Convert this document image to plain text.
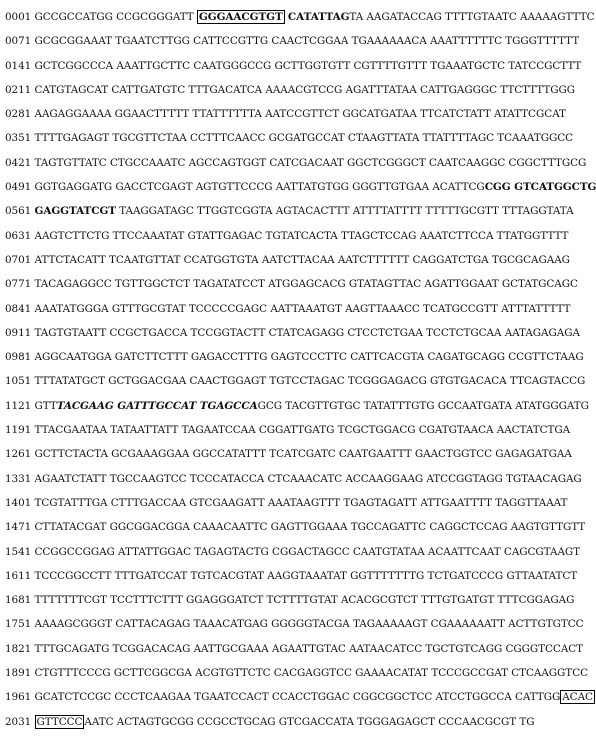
0001 GCCGCCATGG CCGCGGGATT GGGAACGTGT CATATTAGTA AAGATACCAG TTTTGTAATC AAAAAGTTTC
0071 GCGCGGAAAT TGAATCTTGG CATTCCGTTG CAACTCGGAA TGAAAAAACA AAATTTTTTC TGGGTTTTTT
0141 GCTCGGCCCA AAATTGCTTC CAATGGGCCG GCTTGGTGTT CGTTTTGTTT TGAAATGCTC TATCCGCTTT
0211 CATGTAGCAT CATTGATGTC TTTGACATCA AAAACGTCCG AGATTTATAA CATTGAGGGC TTCTTTTGGG
0281 AAGAGGAAAA GGAACTTTTT TTATTTTTTA AATCCGTTCT GGCATGATAA TTCATCTATT ATATTCGCAT
0351 TTTTGAGAGT TGCGTTCTAA CCTTTCAACC GCGATGCCAT CTAAGTTATA TTATTTTAGC TCAAATGGCC
0421 TAGTGTTATC CTGCCAAATC AGCCAGTGGT CATCGACAAT GGCTCGGGCT CAATCAAGGC CGGCTTTGCG
0491 GGTGAGGATG GACCTCGAGT AGTGTTCCCG AATTATGTGG GGGTTGTGAA ACATTCGCGG GTCATGGCTG
0561 GAGGTATCGT TAAGGATAGC TTGGTCGGTA AGTACACTTT ATTTTATTTT TTTTTGCGTT TTTAGGTATA
0631 AAGTCTTCTG TTCCAAATAT GTATTGAGAC TGTATCACTA TTAGCTCCAG AAATCTTCCA TTATGGTTTT
0701 ATTCTACATT TCAATGTTAT CCATGGTGTA AATCTTACAA AATCTTTTTT CAGGATCTGA TGCGCAGAAG
0771 TACAGAGGCC TGTTGGCTCT TAGATATCCT ATGGAGCACG GTATAGTTAC AGATTGGAAT GCTATGCAGC
0841 AAATATGGGA GTTTGCGTAT TCCCCCGAGC AATTAAATGT AAGTTAAACC TCATGCCGTT ATTTATTTTT
0911 TAGTGTAATT CCGCTGACCA TCCGGTACTT CTATCAGAGG CTCCTCTGAA TCCTCTGCAA AATAGAGAGA
0981 AGGCAATGGA GATCTTCTTT GAGACCTTTG GAGTCCCTTC CATTCACGTA CAGATGCAGG CCGTTCTAAG
1051 TTTATATGCT GCTGGACGAA CAACTGGAGT TGTCCTAGAC TCGGGAGACG GTGTGACACA TTCAGTACCG
1121 GTTTACGAAG GATTTGCCAT TGAGCCAGCG TACGTTGTGC TATATTTGTG GCCAATGATA ATATGGGATG
1191 TTACGAATAA TATAATTATT TAGAATCCAA CGGATTGATG TCGCTGGACG CGATGTAACA AACTATCTGA
1261 GCTTCTACTA GCGAAAGGAA GGCCATATTT TCATCGATC CAATGAATTT GAACTGGTCC GAGAGATGAA
1331 AGAATCTATT TGCCAAGTCC TCCCATACCA CTCAAACATC ACCAAGGAAG ATCCGGTAGG TGTAACAGAG
1401 TCGTATTTGA CTTTGACCAA GTCGAAGATT AAATAAGTTT TGAGTAGATT ATTGAATTTT TAGGTTAAAT
1471 CTTATACGAT GGCGGACGGA CAAACAATTC GAGTTGGAAA TGCCAGATTC CAGGCTCCAG AAGTGTTGTT
1541 CCGGCCGGAG ATTATTGGAC TAGAGTACTG CGGACTAGCC CAATGTATAA ACAATTCAAT CAGCGTAAGT
1611 TCCCGGCCTT TTTGATCCAT TGTCACGTAT AAGGTAAATAT GGTTTTTTTG TCTGATCCCG GTTAATATCT
1681 TTTTTTTCGT TCCTTTCTTT GGAGGGATCT TCTTTTGTAT ACACGCGTCT TTTGTGATGT TTTCGGAGAG
1751 AAAAGCGGGT CATTACAGAG TAAACATGAG GGGGGTACGA TAGAAAAAGT CGAAAAAATT ACTTGTGTCC
1821 TTTGCAGATG TCGGACACAG AATTGCGAAA AGAATTGTAC AATAACATCC TGCTGTCAGG CGGGTCCACT
1891 CTGTTTCCCG GCTTCGGCGA ACGTGTTCTC CACGAGGTCC GAAAACATAT TCCCGCCGAT CTCAAGGTCC
1961 GCATCTCCGC CCCTCAAGAA TGAATCCACT CCACCTGGAC CGGCGGCTCC ATCCTGGCCA CATTGG ACAC
2031 GTTCCC AATC ACTAGTGCGG CCGCCTGCAG GTCGACCATA TGGGAGAGCT CCCAACGCGT TG
